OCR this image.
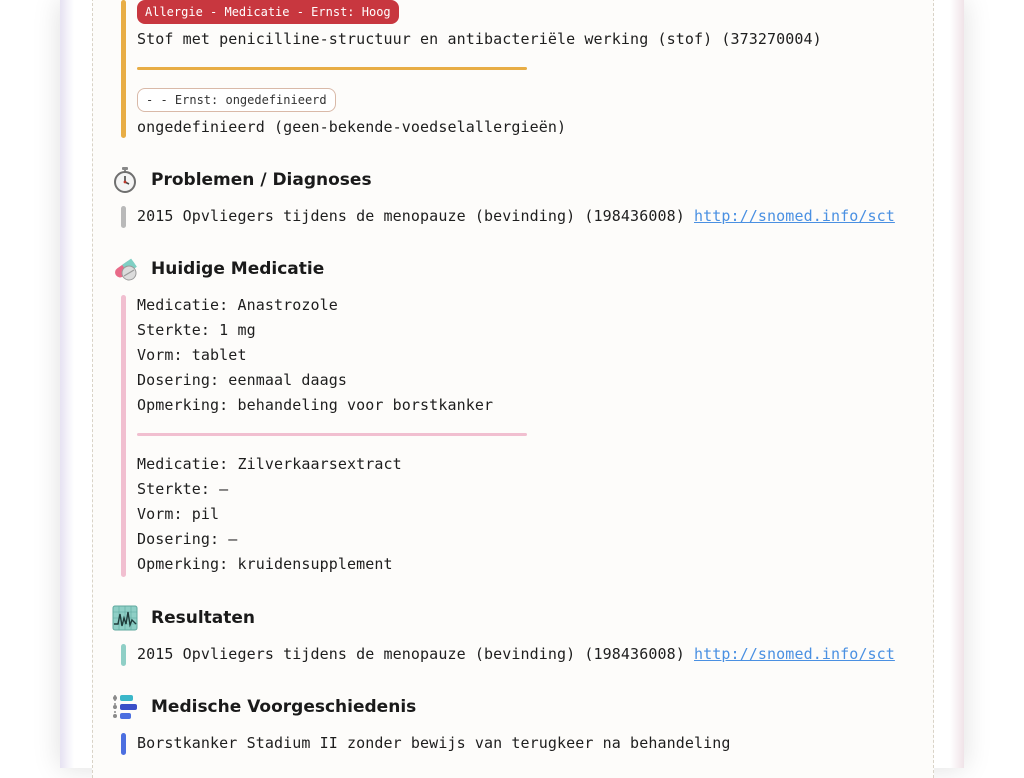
Allergie - Medicatie - Ernst: Hoog
Stof met penicilline-structuur en antibacteriële werking (stof) (373270004)
- - Ernst: ongedefinieerd
ongedefinieerd (geen-bekende-voedselallergieën)
Problemen / Diagnoses
2015 Opvliegers tijdens de menopauze (bevinding) (198436008) http://snomed.info/sct
Huidige Medicatie
Medicatie: Anastrozole
Sterkte: 1 mg
Vorm: tablet
Dosering: eenmaal daags
Opmerking: behandeling voor borstkanker
Medicatie: Zilverkaarsextract
Sterkte: —
Vorm: pil
Dosering: —
Opmerking: kruidensupplement
Resultaten
2015 Opvliegers tijdens de menopauze (bevinding) (198436008) http://snomed.info/sct
Medische Voorgeschiedenis
Borstkanker Stadium II zonder bewijs van terugkeer na behandeling
